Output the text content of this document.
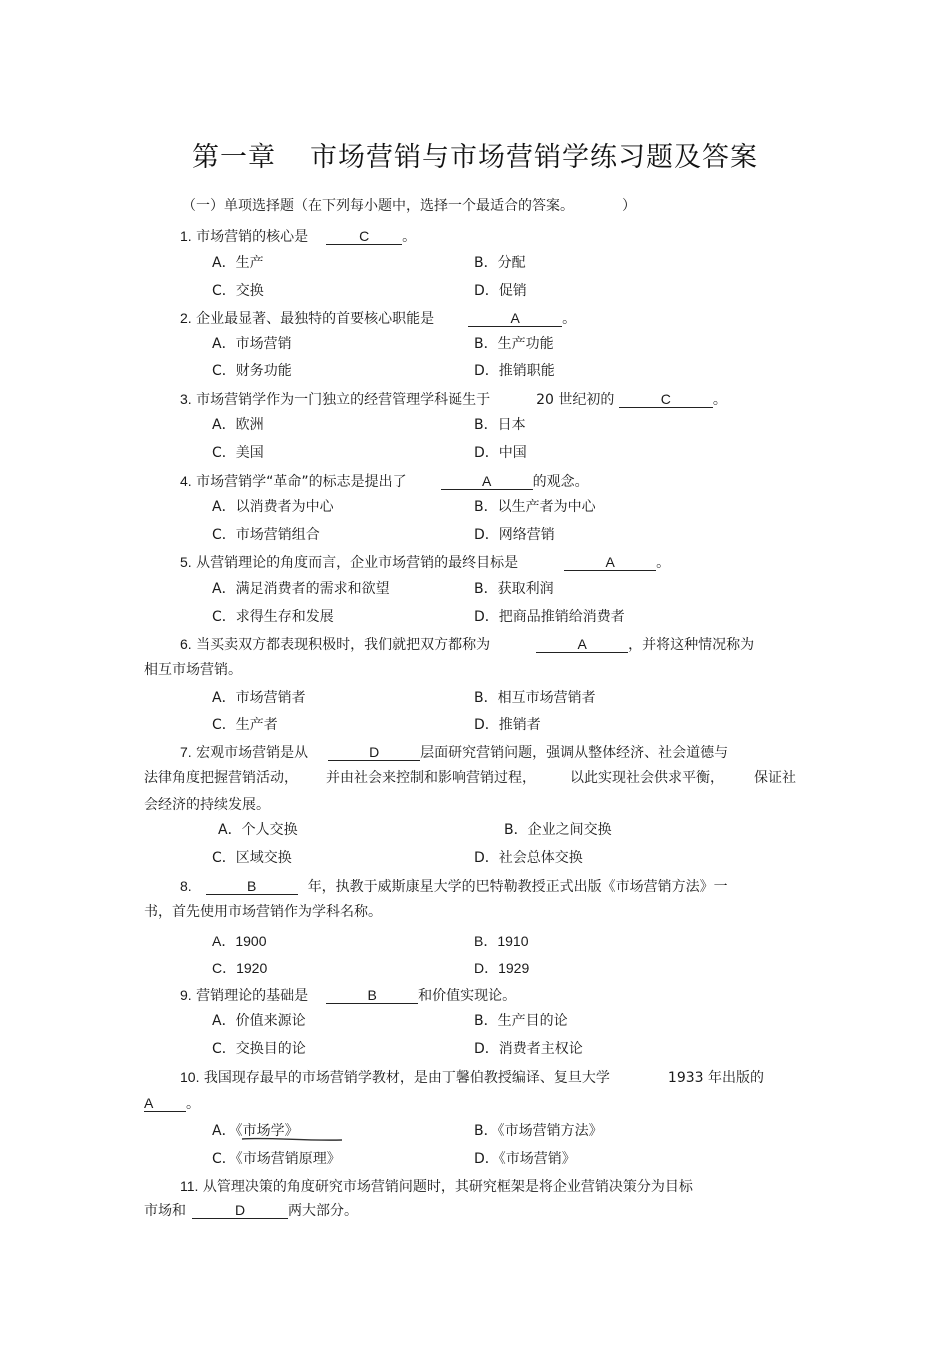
第一章 市场营销与市场营销学练习题及答案
（一）单项选择题（在下列每小题中，选择一个最适合的答案。	）
1. 市场营销的核心是	C 。
A．生产	B．分配
C．交换	D．促销
2. 企业最显著、最独特的首要核心职能是	A	。
A．市场营销	B．生产功能
C．财务功能	D．推销职能
3. 市场营销学作为一门独立的经营管理学科诞生于	20 世纪初的	C	。
A．欧洲	B．日本
C．美国	D．中国
4. 市场营销学“革命”的标志是提出了	A	的观念。
A．以消费者为中心	B．以生产者为中心
C．市场营销组合	D．网络营销
5. 从营销理论的角度而言，企业市场营销的最终目标是	A	。
A．满足消费者的需求和欲望	B．获取利润
C．求得生存和发展	D．把商品推销给消费者
6. 当买卖双方都表现积极时，我们就把双方都称为	A	，并将这种情况称为
相互市场营销。
A．市场营销者	B．相互市场营销者
C．生产者	D．推销者
7. 宏观市场营销是从	D	层面研究营销问题，强调从整体经济、社会道德与
法律角度把握营销活动， 并由社会来控制和影响营销过程， 以此实现社会供求平衡， 保证社
会经济的持续发展。
A．个人交换	B．企业之间交换
C．区域交换	D．社会总体交换
8.	B	年，执教于威斯康星大学的巴特勒教授正式出版《市场营销方法》一
书，首先使用市场营销作为学科名称。
A．1900	B．1910
C．1920	D．1929
9. 营销理论的基础是	B	和价值实现论。
A．价值来源论	B．生产目的论
C．交换目的论	D．消费者主权论
10. 我国现存最早的市场营销学教材，是由丁馨伯教授编译、复旦大学	1933 年出版的
A 。
A．《市场学》	B．《市场营销方法》
C．《市场营销原理》	D．《市场营销》
11. 从管理决策的角度研究市场营销问题时，其研究框架是将企业营销决策分为目标
市场和	D	两大部分。
